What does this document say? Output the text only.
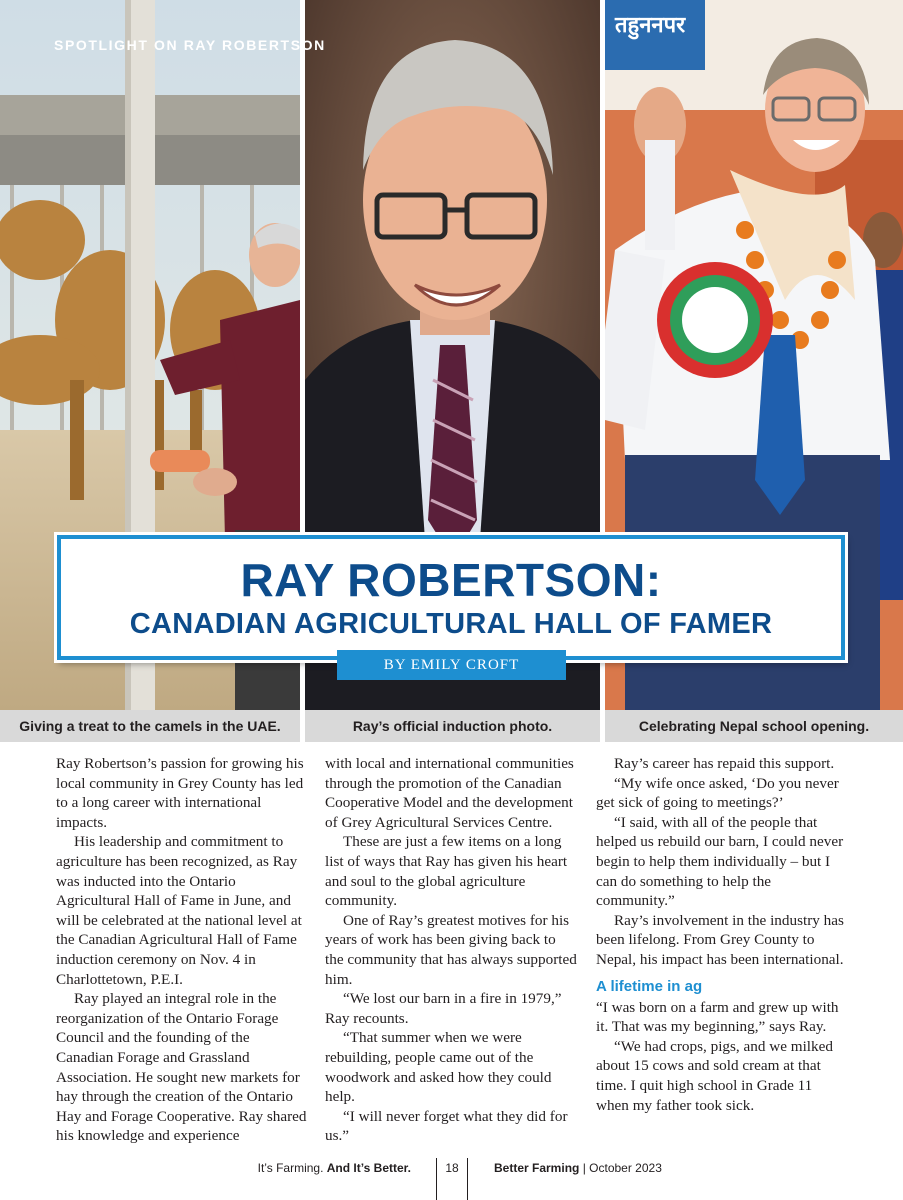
तहुननपर
SPOTLIGHT ON RAY ROBERTSON
RAY ROBERTSON:
CANADIAN AGRICULTURAL HALL OF FAMER
BY EMILY CROFT
Giving a treat to the camels in the UAE.	Ray’s official induction photo.	Celebrating Nepal school opening.

Ray Robertson’s passion for growing his local community in Grey County has led to a long career with international impacts.

His leadership and commitment to agriculture has been recognized, as Ray was inducted into the Ontario Agricultural Hall of Fame in June, and will be celebrated at the national level at the Canadian Agricultural Hall of Fame induction ceremony on Nov. 4 in Charlottetown, P.E.I.

Ray played an integral role in the reorganization of the Ontario Forage Council and the founding of the Canadian Forage and Grassland Association. He sought new markets for hay through the creation of the Ontario Hay and Forage Cooperative. Ray shared his knowledge and experience

with local and international communities through the promotion of the Canadian Cooperative Model and the development of Grey Agricultural Services Centre.

These are just a few items on a long list of ways that Ray has given his heart and soul to the global agriculture community.

One of Ray’s greatest motives for his years of work has been giving back to the community that has always supported him.

“We lost our barn in a fire in 1979,” Ray recounts.

“That summer when we were rebuilding, people came out of the woodwork and asked how they could help.

“I will never forget what they did for us.”

Ray’s career has repaid this support.

“My wife once asked, ‘Do you never get sick of going to meetings?’

“I said, with all of the people that helped us rebuild our barn, I could never begin to help them individually – but I can do something to help the community.”

Ray’s involvement in the industry has been lifelong. From Grey County to Nepal, his impact has been international.

A lifetime in ag

“I was born on a farm and grew up with it. That was my beginning,” says Ray.

“We had crops, pigs, and we milked about 15 cows and sold cream at that time. I quit high school in Grade 11 when my father took sick.

It’s Farming. And It’s Better.	18	Better Farming | October 2023
